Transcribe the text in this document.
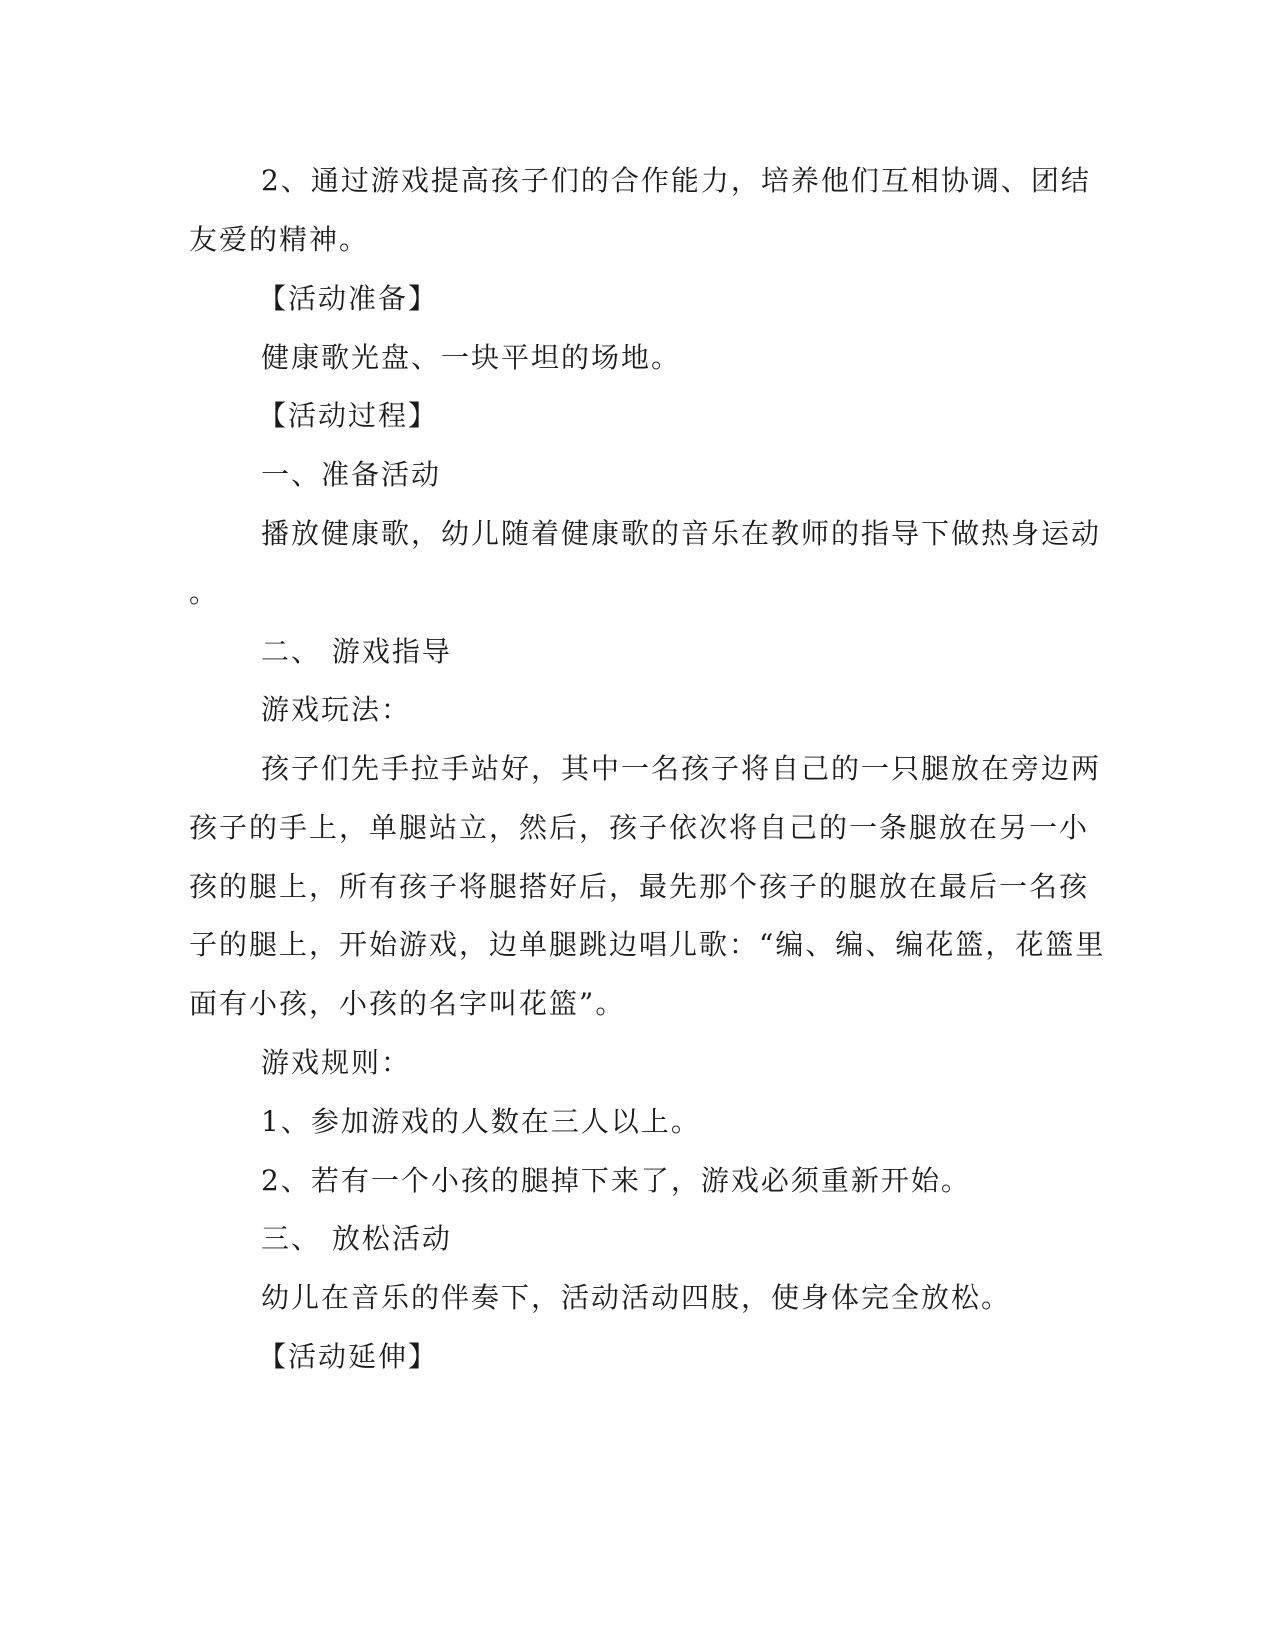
2、通过游戏提高孩子们的合作能力，培养他们互相协调、团结

友爱的精神。

【活动准备】

健康歌光盘、一块平坦的场地。

【活动过程】

一、准备活动

播放健康歌，幼儿随着健康歌的音乐在教师的指导下做热身运动

。

二、 游戏指导

游戏玩法：

孩子们先手拉手站好，其中一名孩子将自己的一只腿放在旁边两

孩子的手上，单腿站立，然后，孩子依次将自己的一条腿放在另一小

孩的腿上，所有孩子将腿搭好后，最先那个孩子的腿放在最后一名孩

子的腿上，开始游戏，边单腿跳边唱儿歌：“编、编、编花篮，花篮里

面有小孩，小孩的名字叫花篮”。

游戏规则：

1、参加游戏的人数在三人以上。

2、若有一个小孩的腿掉下来了，游戏必须重新开始。

三、 放松活动

幼儿在音乐的伴奏下，活动活动四肢，使身体完全放松。

【活动延伸】
